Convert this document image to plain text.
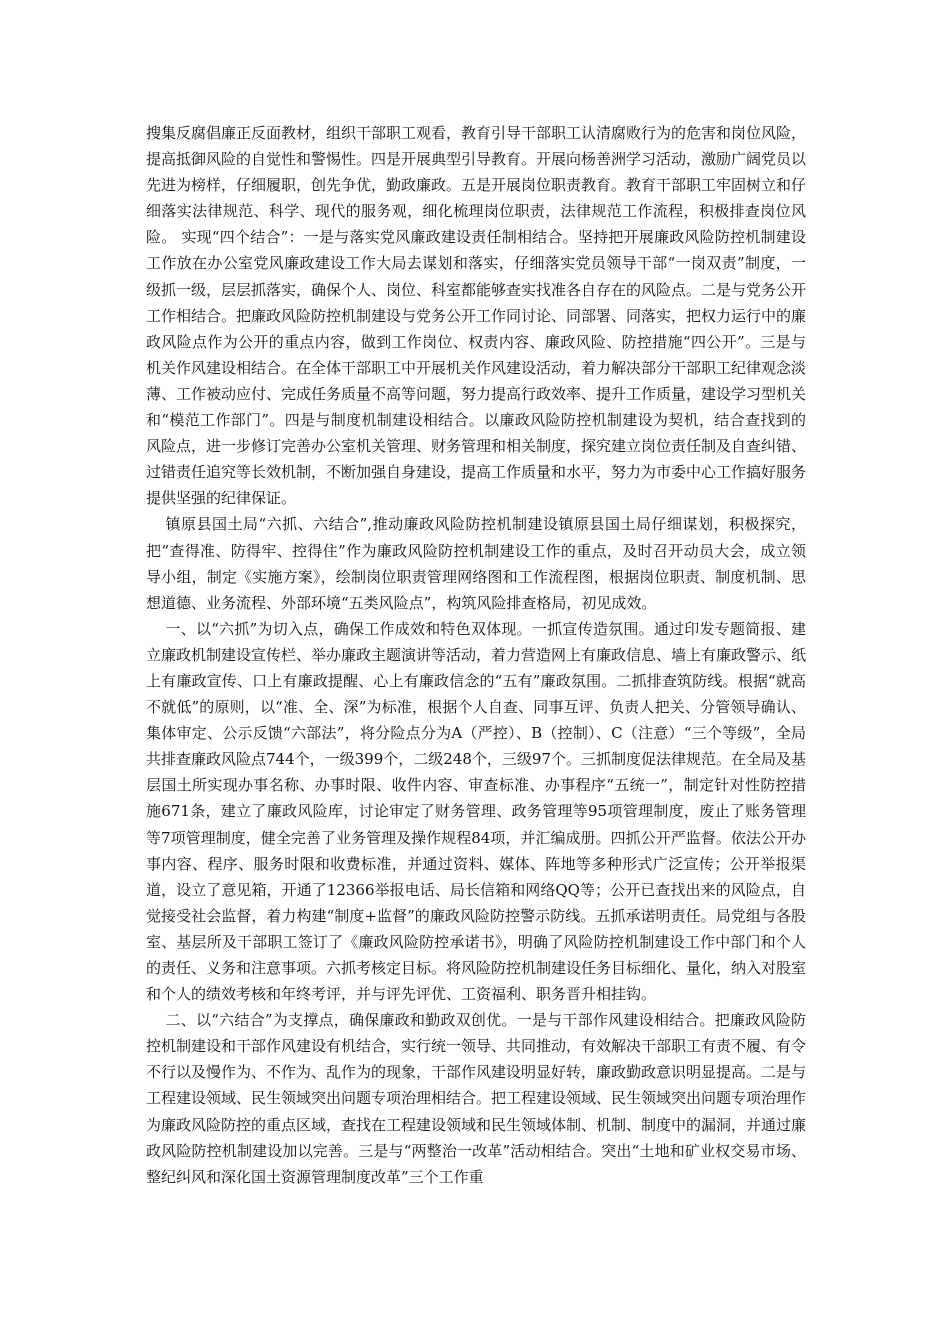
搜集反腐倡廉正反面教材，组织干部职工观看，教育引导干部职工认清腐败行为的危害和岗位风险，提高抵御风险的自觉性和警惕性。四是开展典型引导教育。开展向杨善洲学习活动，激励广阔党员以先进为榜样，仔细履职，创先争优，勤政廉政。五是开展岗位职责教育。教育干部职工牢固树立和仔细落实法律规范、科学、现代的服务观，细化梳理岗位职责，法律规范工作流程，积极排查岗位风险。 实现“四个结合”：一是与落实党风廉政建设责任制相结合。坚持把开展廉政风险防控机制建设工作放在办公室党风廉政建设工作大局去谋划和落实，仔细落实党员领导干部“一岗双责”制度，一级抓一级，层层抓落实，确保个人、岗位、科室都能够查实找准各自存在的风险点。二是与党务公开工作相结合。把廉政风险防控机制建设与党务公开工作同讨论、同部署、同落实，把权力运行中的廉政风险点作为公开的重点内容，做到工作岗位、权责内容、廉政风险、防控措施“四公开”。三是与机关作风建设相结合。在全体干部职工中开展机关作风建设活动，着力解决部分干部职工纪律观念淡薄、工作被动应付、完成任务质量不高等问题，努力提高行政效率、提升工作质量，建设学习型机关和“模范工作部门”。四是与制度机制建设相结合。以廉政风险防控机制建设为契机，结合查找到的风险点，进一步修订完善办公室机关管理、财务管理和相关制度，探究建立岗位责任制及自查纠错、过错责任追究等长效机制，不断加强自身建设，提高工作质量和水平，努力为市委中心工作搞好服务提供坚强的纪律保证。

镇原县国土局“六抓、六结合”,推动廉政风险防控机制建设镇原县国土局仔细谋划，积极探究，把“查得准、防得牢、控得住”作为廉政风险防控机制建设工作的重点，及时召开动员大会，成立领导小组，制定《实施方案》，绘制岗位职责管理网络图和工作流程图，根据岗位职责、制度机制、思想道德、业务流程、外部环境“五类风险点”，构筑风险排查格局，初见成效。

一、以“六抓”为切入点，确保工作成效和特色双体现。一抓宣传造氛围。通过印发专题简报、建立廉政机制建设宣传栏、举办廉政主题演讲等活动，着力营造网上有廉政信息、墙上有廉政警示、纸上有廉政宣传、口上有廉政提醒、心上有廉政信念的“五有”廉政氛围。二抓排查筑防线。根据“就高不就低”的原则，以“准、全、深”为标准，根据个人自查、同事互评、负责人把关、分管领导确认、集体审定、公示反馈“六部法”，将分险点分为A（严控）、B（控制）、C（注意）“三个等级”，全局共排查廉政风险点744个，一级399个，二级248个，三级97个。三抓制度促法律规范。在全局及基层国土所实现办事名称、办事时限、收件内容、审查标准、办事程序“五统一”，制定针对性防控措施671条，建立了廉政风险库，讨论审定了财务管理、政务管理等95项管理制度，废止了账务管理等7项管理制度，健全完善了业务管理及操作规程84项，并汇编成册。四抓公开严监督。依法公开办事内容、程序、服务时限和收费标准，并通过资料、媒体、阵地等多种形式广泛宣传；公开举报渠道，设立了意见箱，开通了12366举报电话、局长信箱和网络QQ等；公开已查找出来的风险点，自觉接受社会监督，着力构建“制度+监督”的廉政风险防控警示防线。五抓承诺明责任。局党组与各股室、基层所及干部职工签订了《廉政风险防控承诺书》，明确了风险防控机制建设工作中部门和个人的责任、义务和注意事项。六抓考核定目标。将风险防控机制建设任务目标细化、量化，纳入对股室和个人的绩效考核和年终考评，并与评先评优、工资福利、职务晋升相挂钩。

二、以“六结合”为支撑点，确保廉政和勤政双创优。一是与干部作风建设相结合。把廉政风险防控机制建设和干部作风建设有机结合，实行统一领导、共同推动，有效解决干部职工有责不履、有令不行以及慢作为、不作为、乱作为的现象，干部作风建设明显好转，廉政勤政意识明显提高。二是与工程建设领域、民生领域突出问题专项治理相结合。把工程建设领域、民生领域突出问题专项治理作为廉政风险防控的重点区域，查找在工程建设领域和民生领域体制、机制、制度中的漏洞，并通过廉政风险防控机制建设加以完善。三是与“两整治一改革”活动相结合。突出“土地和矿业权交易市场、整纪纠风和深化国土资源管理制度改革”三个工作重
